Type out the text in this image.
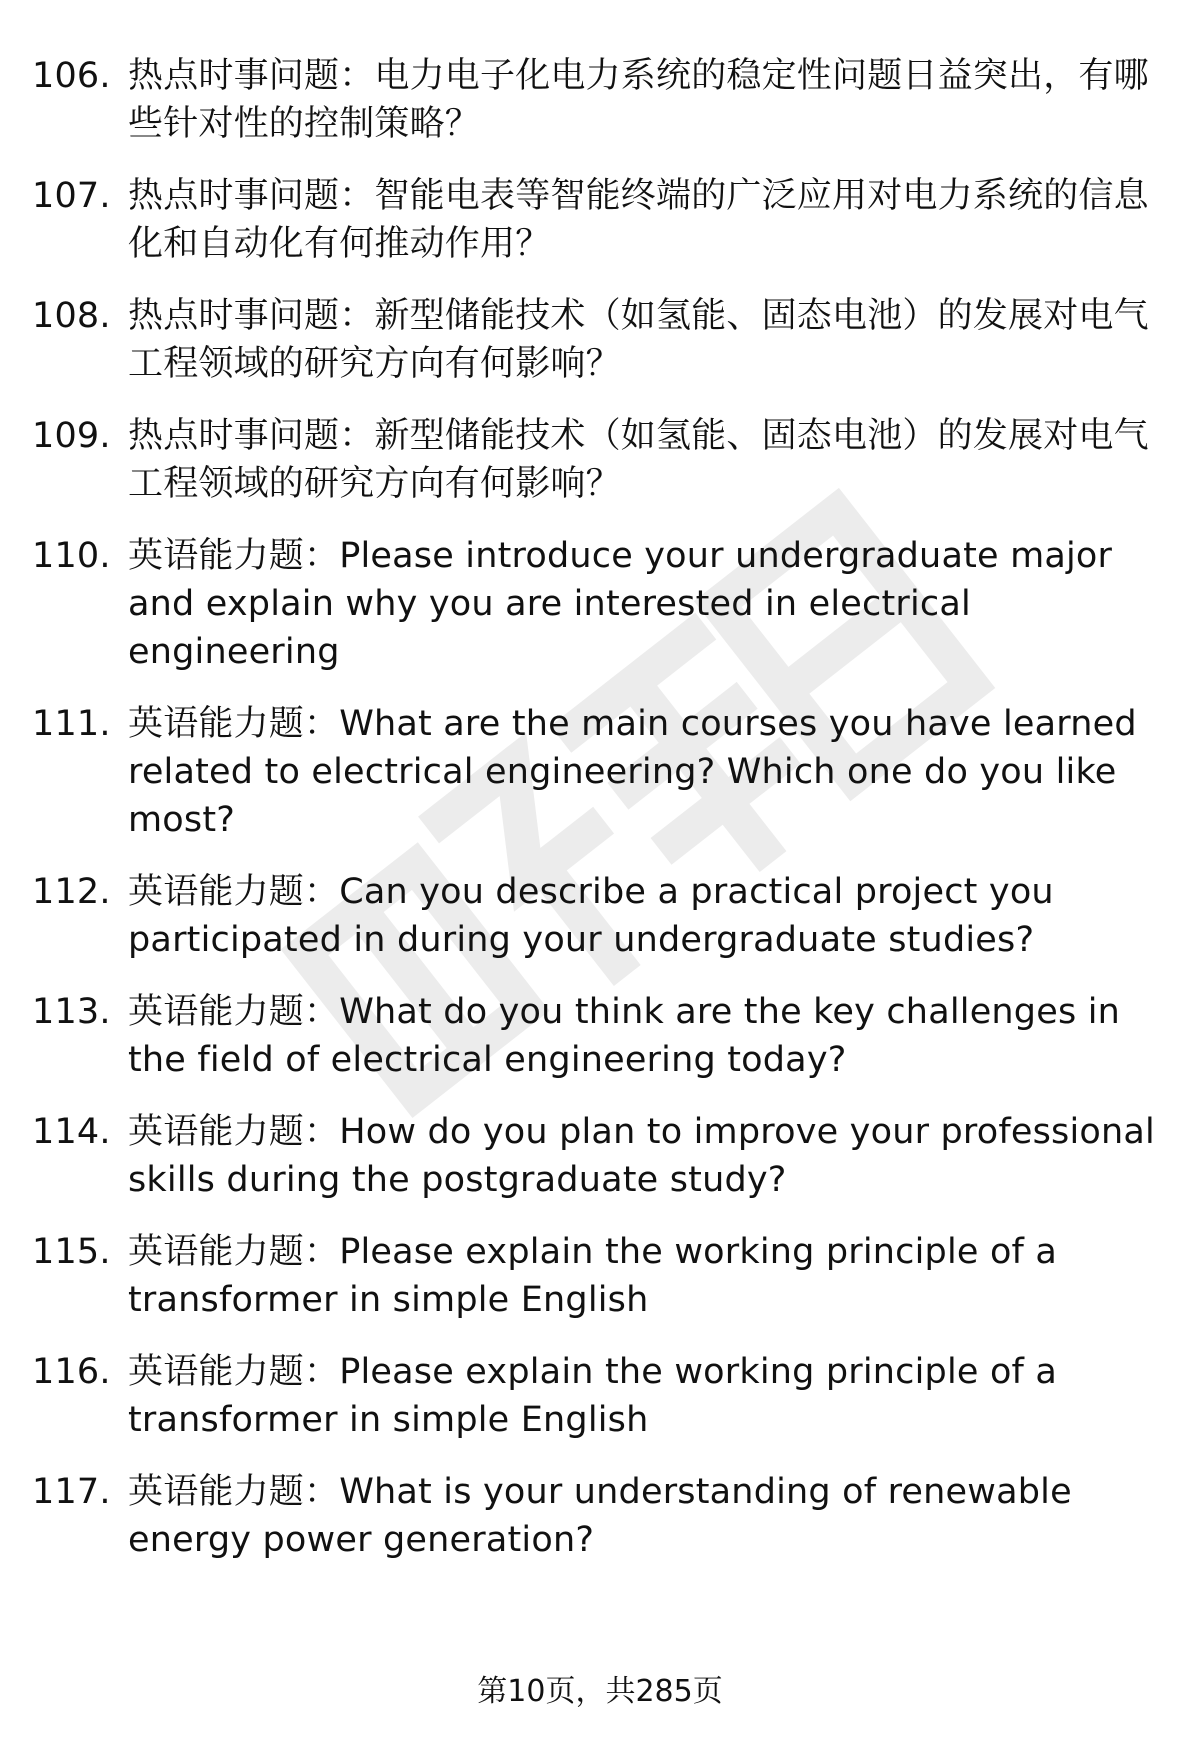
106. 热点时事问题：电力电子化电力系统的稳定性问题日益突出，有哪些针对性的控制策略？
107. 热点时事问题：智能电表等智能终端的广泛应用对电力系统的信息化和自动化有何推动作用？
108. 热点时事问题：新型储能技术（如氢能、固态电池）的发展对电气工程领域的研究方向有何影响？
109. 热点时事问题：新型储能技术（如氢能、固态电池）的发展对电气工程领域的研究方向有何影响？
110. 英语能力题：Please introduce your undergraduate major and explain why you are interested in electrical engineering
111. 英语能力题：What are the main courses you have learned related to electrical engineering? Which one do you like most?
112. 英语能力题：Can you describe a practical project you participated in during your undergraduate studies?
113. 英语能力题：What do you think are the key challenges in the field of electrical engineering today?
114. 英语能力题：How do you plan to improve your professional skills during the postgraduate study?
115. 英语能力题：Please explain the working principle of a transformer in simple English
116. 英语能力题：Please explain the working principle of a transformer in simple English
117. 英语能力题：What is your understanding of renewable energy power generation?
第10页，共285页
